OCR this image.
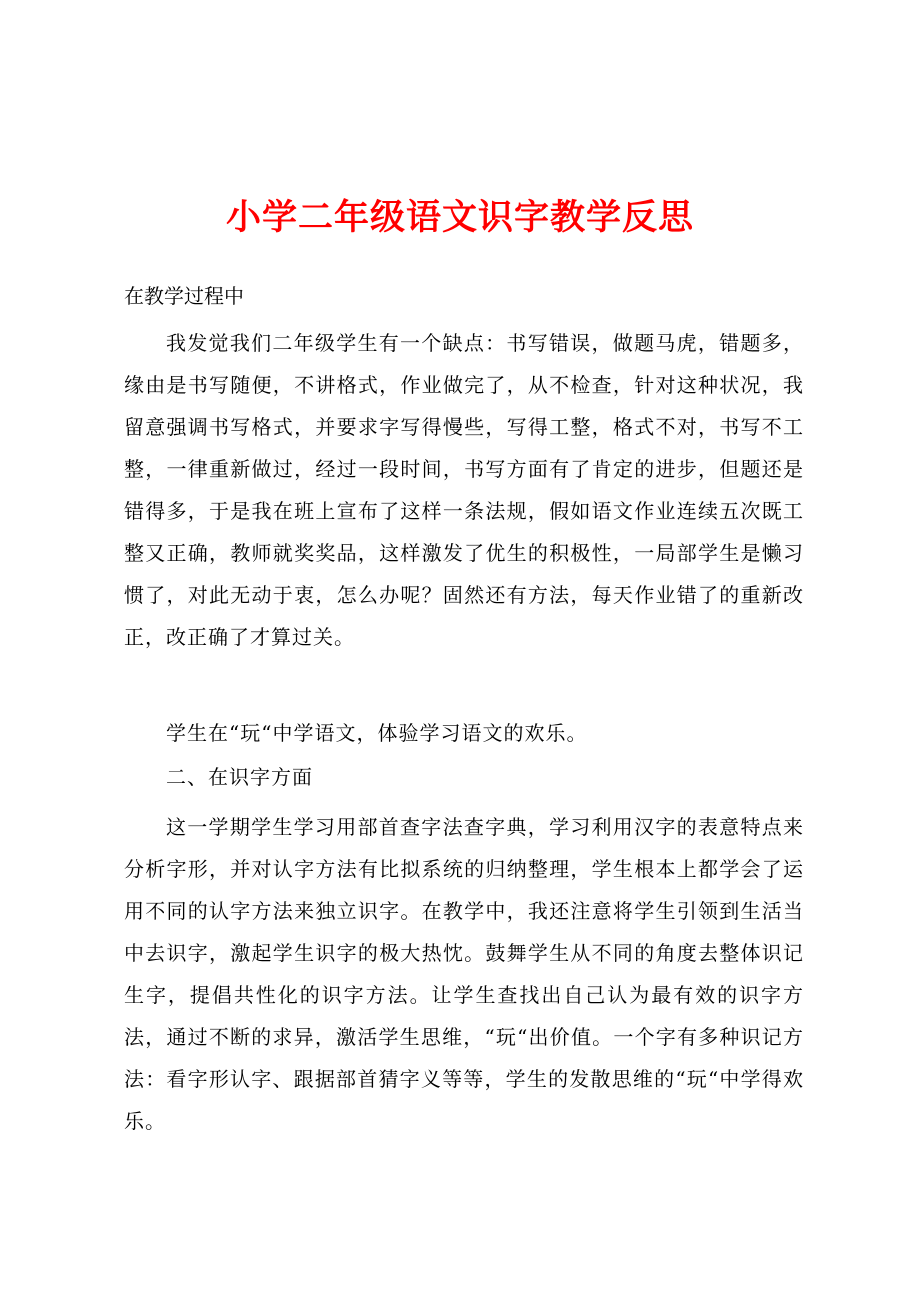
小学二年级语文识字教学反思

在教学过程中

我发觉我们二年级学生有一个缺点：书写错误，做题马虎，错题多，缘由是书写随便，不讲格式，作业做完了，从不检查，针对这种状况，我留意强调书写格式，并要求字写得慢些，写得工整，格式不对，书写不工整，一律重新做过，经过一段时间，书写方面有了肯定的进步，但题还是错得多，于是我在班上宣布了这样一条法规，假如语文作业连续五次既工整又正确，教师就奖奖品，这样激发了优生的积极性，一局部学生是懒习惯了，对此无动于衷，怎么办呢？固然还有方法，每天作业错了的重新改正，改正确了才算过关。

学生在“玩“中学语文，体验学习语文的欢乐。

二、在识字方面

这一学期学生学习用部首查字法查字典，学习利用汉字的表意特点来分析字形，并对认字方法有比拟系统的归纳整理，学生根本上都学会了运用不同的认字方法来独立识字。在教学中，我还注意将学生引领到生活当中去识字，激起学生识字的极大热忱。鼓舞学生从不同的角度去整体识记生字，提倡共性化的识字方法。让学生查找出自己认为最有效的识字方法，通过不断的求异，激活学生思维，“玩“出价值。一个字有多种识记方法：看字形认字、跟据部首猜字义等等，学生的发散思维的“玩“中学得欢乐。
